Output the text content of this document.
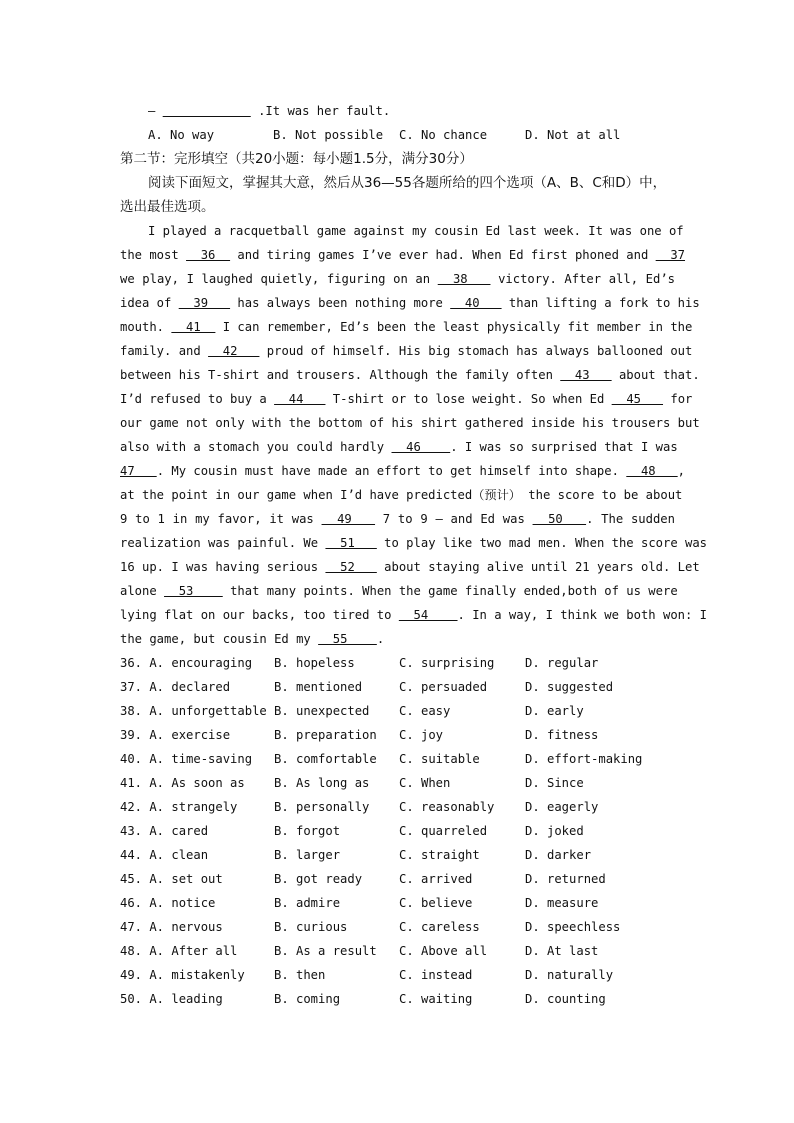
—	.It was her fault.
A. No way	B. Not possible C. No chance	D. Not at all
第二节：完形填空（共20小题：每小题1.5分，满分30分）
阅读下面短文，掌握其大意，然后从36—55各题所给的四个选项（A、B、C和D）中，
选出最佳选项。
I played a racquetball game against my cousin Ed last week. It was one of
the most   36   and tiring games I’ve ever had. When Ed first phoned and   37
we play, I laughed quietly, figuring on an   38    victory. After all, Ed’s
idea of   39    has always been nothing more   40    than lifting a fork to his
mouth.   41   I can remember, Ed’s been the least physically fit member in the
family. and   42    proud of himself. His big stomach has always ballooned out
between his T-shirt and trousers. Although the family often   43    about that.
I’d refused to buy a   44    T-shirt or to lose weight. So when Ed   45    for
our game not only with the bottom of his shirt gathered inside his trousers but
also with a stomach you could hardly   46    . I was so surprised that I was
47   . My cousin must have made an effort to get himself into shape.   48   ,
at the point in our game when I’d have predicted（预计） the score to be about
9 to 1 in my favor, it was   49    7 to 9 — and Ed was   50   . The sudden
realization was painful. We   51    to play like two mad men. When the score was
16 up. I was having serious   52    about staying alive until 21 years old. Let
alone   53     that many points. When the game finally ended,both of us were
lying flat on our backs, too tired to   54    . In a way, I think we both won: I
the game, but cousin Ed my   55    .
36. A. encouraging B. hopeless	C. surprising	D. regular
37. A. declared	B. mentioned	C. persuaded	D. suggested
38. A. unforgettable B. unexpected C. easy	D. early
39. A. exercise	B. preparation C. joy	D. fitness
40. A. time-saving B. comfortable C. suitable	D. effort-making
41. A. As soon as B. As long as C. When	D. Since
42. A. strangely	B. personally C. reasonably	D. eagerly
43. A. cared	B. forgot	C. quarreled	D. joked
44. A. clean	B. larger	C. straight	D. darker
45. A. set out	B. got ready	C. arrived	D. returned
46. A. notice	B. admire	C. believe	D. measure
47. A. nervous	B. curious	C. careless	D. speechless
48. A. After all	B. As a result C. Above all	D. At last
49. A. mistakenly B. then	C. instead	D. naturally
50. A. leading	B. coming	C. waiting	D. counting
